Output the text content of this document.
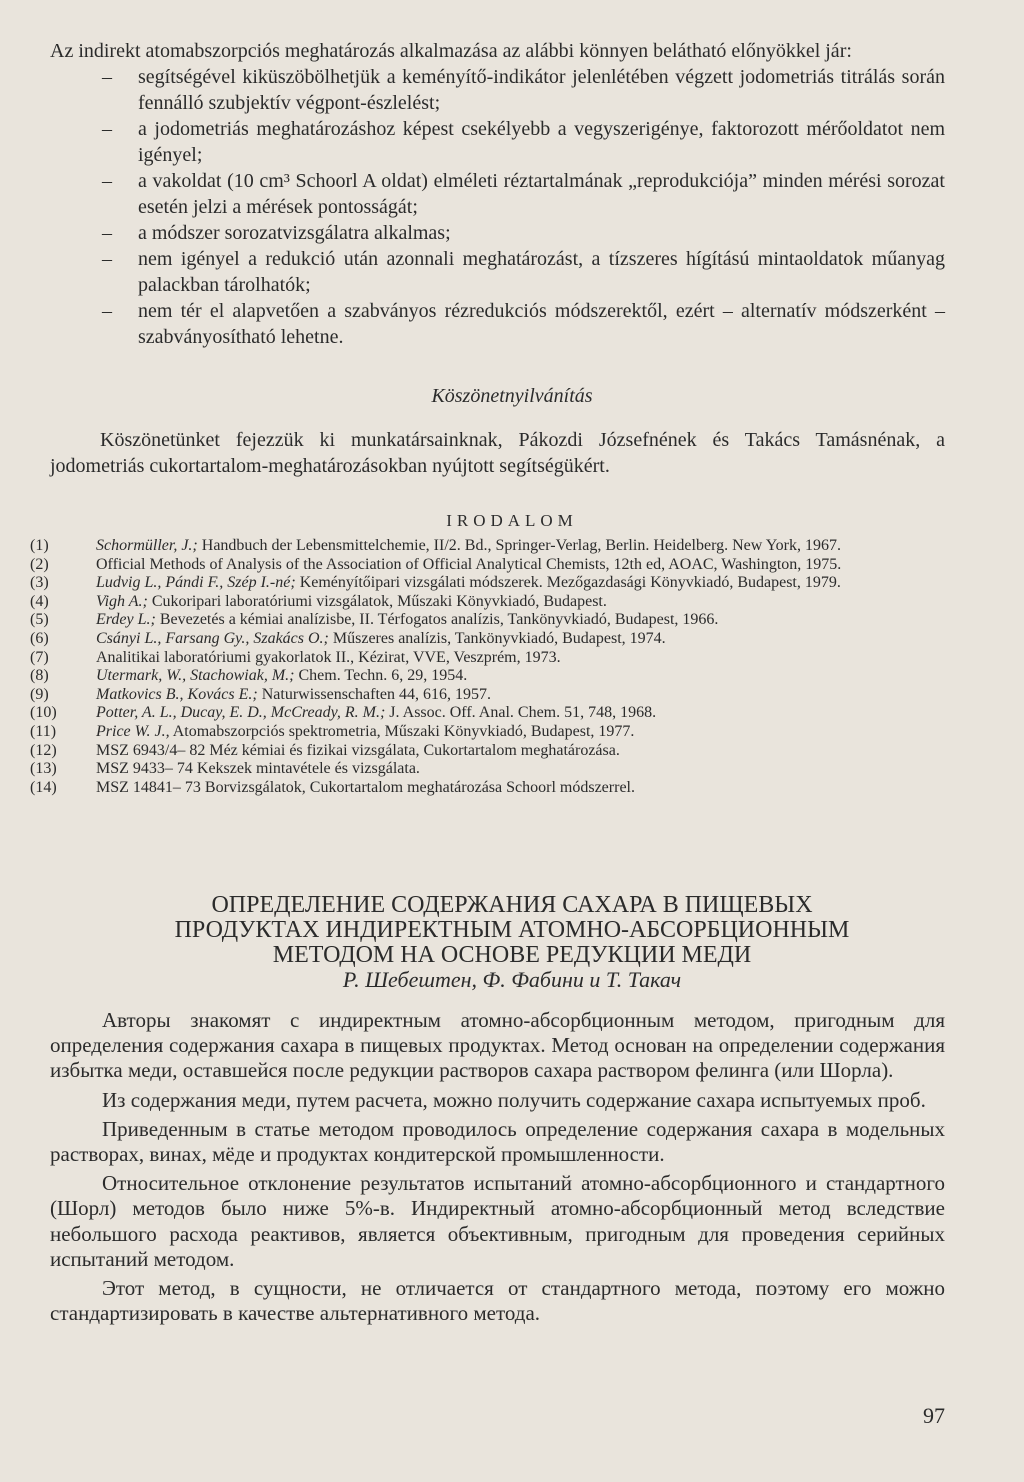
Az indirekt atomabszorpciós meghatározás alkalmazása az alábbi könnyen belátható előnyökkel jár:

– segítségével kiküszöbölhetjük a keményítő-indikátor jelenlétében végzett jodometriás titrálás során fennálló szubjektív végpont-észlelést;
– a jodometriás meghatározáshoz képest csekélyebb a vegyszerigénye, faktorozott mérőoldatot nem igényel;
– a vakoldat (10 cm³ Schoorl A oldat) elméleti réztartalmának „reprodukciója” minden mérési sorozat esetén jelzi a mérések pontosságát;
– a módszer sorozatvizsgálatra alkalmas;
– nem igényel a redukció után azonnali meghatározást, a tízszeres hígítású mintaoldatok műanyag palackban tárolhatók;
– nem tér el alapvetően a szabványos rézredukciós módszerektől, ezért – alternatív módszerként – szabványosítható lehetne.
Köszönetnyilvánítás

Köszönetünket fejezzük ki munkatársainknak, Pákozdi Józsefnének és Takács Tamásnénak, a jodometriás cukortartalom-meghatározásokban nyújtott segítségükért.

IRODALOM
(1)	Schormüller, J.; Handbuch der Lebensmittelchemie, II/2. Bd., Springer-Verlag, Berlin. Heidelberg. New York, 1967.
(2)	Official Methods of Analysis of the Association of Official Analytical Chemists, 12th ed, AOAC, Washington, 1975.
(3)	Ludvig L., Pándi F., Szép I.-né; Keményítőipari vizsgálati módszerek. Mezőgazdasági Könyvkiadó, Budapest, 1979.
(4)	Vigh A.; Cukoripari laboratóriumi vizsgálatok, Műszaki Könyvkiadó, Budapest.
(5)	Erdey L.; Bevezetés a kémiai analízisbe, II. Térfogatos analízis, Tankönyvkiadó, Budapest, 1966.
(6)	Csányi L., Farsang Gy., Szakács O.; Műszeres analízis, Tankönyvkiadó, Budapest, 1974.
(7)	Analitikai laboratóriumi gyakorlatok II., Kézirat, VVE, Veszprém, 1973.
(8)	Utermark, W., Stachowiak, M.; Chem. Techn. 6, 29, 1954.
(9)	Matkovics B., Kovács E.; Naturwissenschaften 44, 616, 1957.
(10)	Potter, A. L., Ducay, E. D., McCready, R. M.; J. Assoc. Off. Anal. Chem. 51, 748, 1968.
(11)	Price W. J., Atomabszorpciós spektrometria, Műszaki Könyvkiadó, Budapest, 1977.
(12)	MSZ 6943/4– 82 Méz kémiai és fizikai vizsgálata, Cukortartalom meghatározása.
(13)	MSZ 9433– 74 Kekszek mintavétele és vizsgálata.
(14)	MSZ 14841– 73 Borvizsgálatok, Cukortartalom meghatározása Schoorl módszerrel.
ОПРЕДЕЛЕНИЕ СОДЕРЖАНИЯ САХАРА В ПИЩЕВЫХ
ПРОДУКТАХ ИНДИРЕКТНЫМ АТОМНО-АБСОРБЦИОННЫМ
МЕТОДОМ НА ОСНОВЕ РЕДУКЦИИ МЕДИ
Р. Шебештен, Ф. Фабини и Т. Такач

Авторы знакомят с индиректным атомно-абсорбционным методом, пригодным для определения содержания сахара в пищевых продуктах. Метод основан на определении содержания избытка меди, оставшейся после редукции растворов сахара раствором фелинга (или Шорла).

Из содержания меди, путем расчета, можно получить содержание сахара испытуемых проб.

Приведенным в статье методом проводилось определение содержания сахара в модельных растворах, винах, мёде и продуктах кондитерской промышленности.

Относительное отклонение результатов испытаний атомно-абсорбционного и стандартного (Шорл) методов было ниже 5%-в. Индиректный атомно-абсорбционный метод вследствие небольшого расхода реактивов, является объективным, пригодным для проведения серийных испытаний методом.

Этот метод, в сущности, не отличается от стандартного метода, поэтому его можно стандартизировать в качестве альтернативного метода.

97
